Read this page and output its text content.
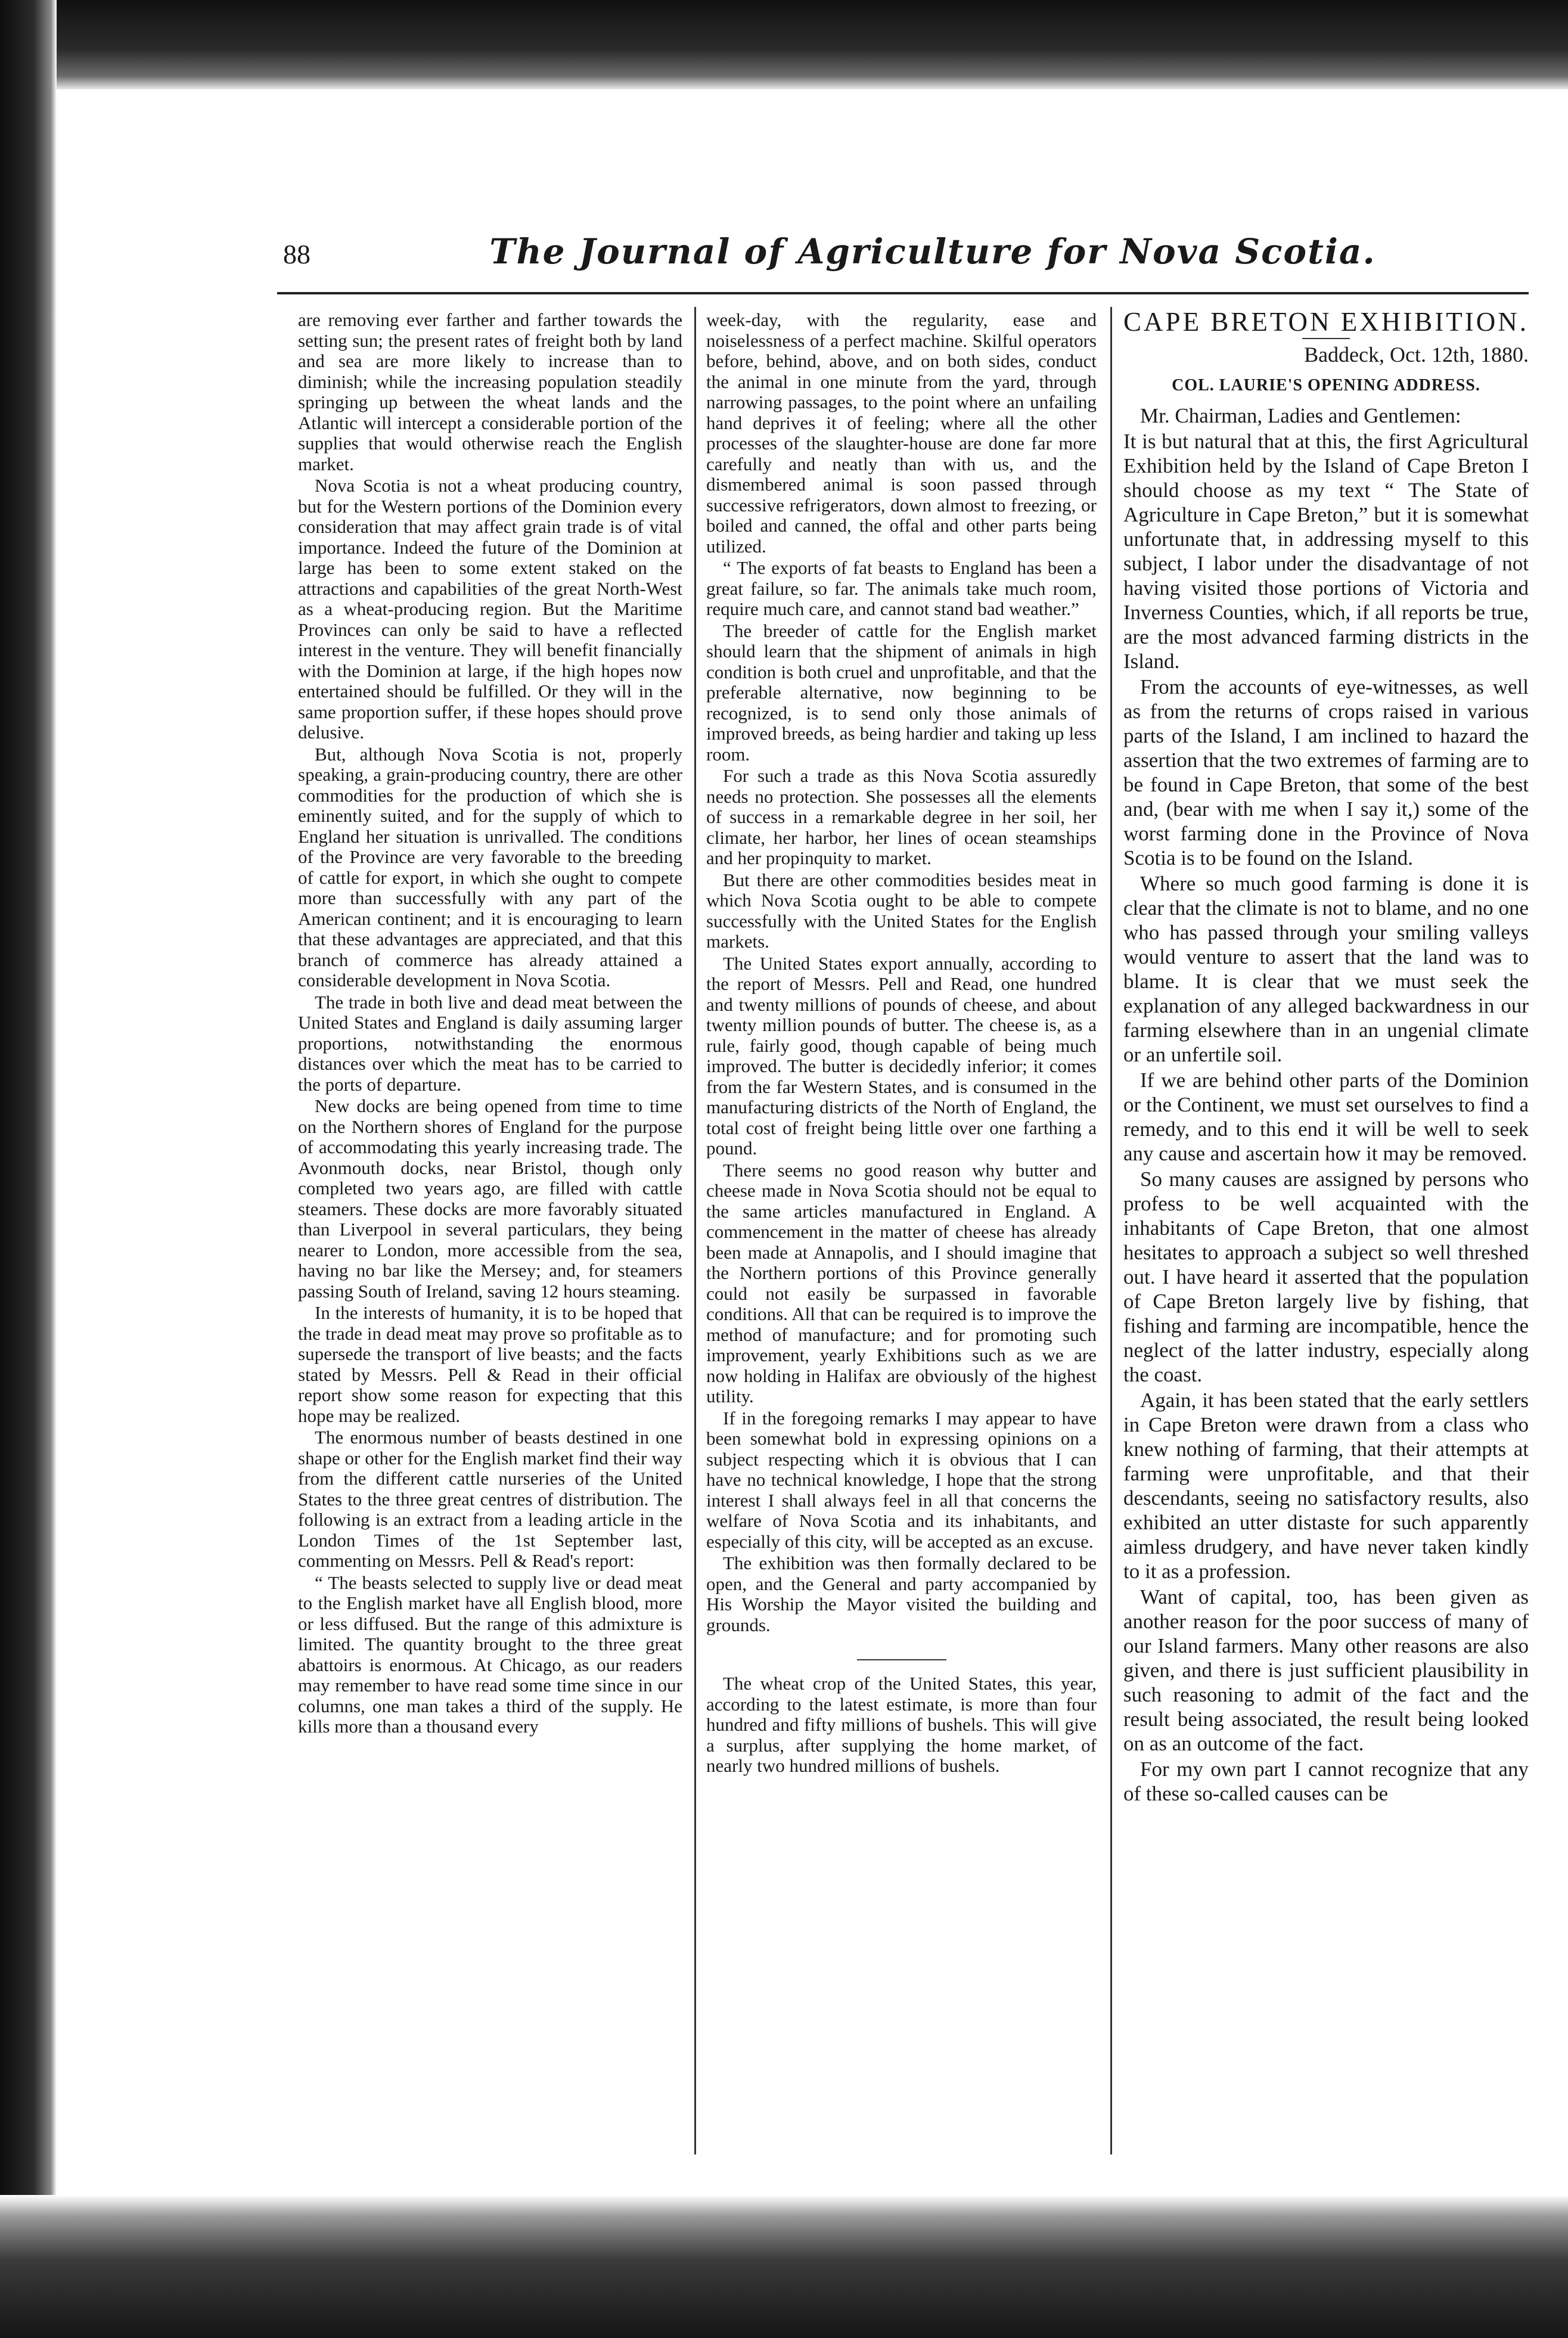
88	The Journal of Agriculture for Nova Scotia.

are removing ever farther and farther towards the setting sun; the present rates of freight both by land and sea are more likely to increase than to diminish; while the increasing population steadily springing up between the wheat lands and the Atlantic will intercept a considerable portion of the supplies that would otherwise reach the English market.

Nova Scotia is not a wheat producing country, but for the Western portions of the Dominion every consideration that may affect grain trade is of vital importance. Indeed the future of the Dominion at large has been to some extent staked on the attractions and capabilities of the great North-West as a wheat-producing region. But the Maritime Provinces can only be said to have a reflected interest in the venture. They will benefit financially with the Dominion at large, if the high hopes now entertained should be fulfilled. Or they will in the same proportion suffer, if these hopes should prove delusive.

But, although Nova Scotia is not, properly speaking, a grain-producing country, there are other commodities for the production of which she is eminently suited, and for the supply of which to England her situation is unrivalled. The conditions of the Province are very favorable to the breeding of cattle for export, in which she ought to compete more than successfully with any part of the American continent; and it is encouraging to learn that these advantages are appreciated, and that this branch of commerce has already attained a considerable development in Nova Scotia.

The trade in both live and dead meat between the United States and England is daily assuming larger proportions, notwithstanding the enormous distances over which the meat has to be carried to the ports of departure.

New docks are being opened from time to time on the Northern shores of England for the purpose of accommodating this yearly increasing trade. The Avonmouth docks, near Bristol, though only completed two years ago, are filled with cattle steamers. These docks are more favorably situated than Liverpool in several particulars, they being nearer to London, more accessible from the sea, having no bar like the Mersey; and, for steamers passing South of Ireland, saving 12 hours steaming.

In the interests of humanity, it is to be hoped that the trade in dead meat may prove so profitable as to supersede the transport of live beasts; and the facts stated by Messrs. Pell & Read in their official report show some reason for expecting that this hope may be realized.

The enormous number of beasts destined in one shape or other for the English market find their way from the different cattle nurseries of the United States to the three great centres of distribution. The following is an extract from a leading article in the London Times of the 1st September last, commenting on Messrs. Pell & Read's report:

“ The beasts selected to supply live or dead meat to the English market have all English blood, more or less diffused. But the range of this admixture is limited. The quantity brought to the three great abattoirs is enormous. At Chicago, as our readers may remember to have read some time since in our columns, one man takes a third of the supply. He kills more than a thousand every

week-day, with the regularity, ease and noiselessness of a perfect machine. Skilful operators before, behind, above, and on both sides, conduct the animal in one minute from the yard, through narrowing passages, to the point where an unfailing hand deprives it of feeling; where all the other processes of the slaughter-house are done far more carefully and neatly than with us, and the dismembered animal is soon passed through successive refrigerators, down almost to freezing, or boiled and canned, the offal and other parts being utilized.

“ The exports of fat beasts to England has been a great failure, so far. The animals take much room, require much care, and cannot stand bad weather.”

The breeder of cattle for the English market should learn that the shipment of animals in high condition is both cruel and unprofitable, and that the preferable alternative, now beginning to be recognized, is to send only those animals of improved breeds, as being hardier and taking up less room.

For such a trade as this Nova Scotia assuredly needs no protection. She possesses all the elements of success in a remarkable degree in her soil, her climate, her harbor, her lines of ocean steamships and her propinquity to market.

But there are other commodities besides meat in which Nova Scotia ought to be able to compete successfully with the United States for the English markets.

The United States export annually, according to the report of Messrs. Pell and Read, one hundred and twenty millions of pounds of cheese, and about twenty million pounds of butter. The cheese is, as a rule, fairly good, though capable of being much improved. The butter is decidedly inferior; it comes from the far Western States, and is consumed in the manufacturing districts of the North of England, the total cost of freight being little over one farthing a pound.

There seems no good reason why butter and cheese made in Nova Scotia should not be equal to the same articles manufactured in England. A commencement in the matter of cheese has already been made at Annapolis, and I should imagine that the Northern portions of this Province generally could not easily be surpassed in favorable conditions. All that can be required is to improve the method of manufacture; and for promoting such improvement, yearly Exhibitions such as we are now holding in Halifax are obviously of the highest utility.

If in the foregoing remarks I may appear to have been somewhat bold in expressing opinions on a subject respecting which it is obvious that I can have no technical knowledge, I hope that the strong interest I shall always feel in all that concerns the welfare of Nova Scotia and its inhabitants, and especially of this city, will be accepted as an excuse.

The exhibition was then formally declared to be open, and the General and party accompanied by His Worship the Mayor visited the building and grounds.

The wheat crop of the United States, this year, according to the latest estimate, is more than four hundred and fifty millions of bushels. This will give a surplus, after supplying the home market, of nearly two hundred millions of bushels.

CAPE BRETON EXHIBITION.
Baddeck, Oct. 12th, 1880.
COL. LAURIE'S OPENING ADDRESS.

Mr. Chairman, Ladies and Gentlemen:

It is but natural that at this, the first Agricultural Exhibition held by the Island of Cape Breton I should choose as my text “ The State of Agriculture in Cape Breton,” but it is somewhat unfortunate that, in addressing myself to this subject, I labor under the disadvantage of not having visited those portions of Victoria and Inverness Counties, which, if all reports be true, are the most advanced farming districts in the Island.

From the accounts of eye-witnesses, as well as from the returns of crops raised in various parts of the Island, I am inclined to hazard the assertion that the two extremes of farming are to be found in Cape Breton, that some of the best and, (bear with me when I say it,) some of the worst farming done in the Province of Nova Scotia is to be found on the Island.

Where so much good farming is done it is clear that the climate is not to blame, and no one who has passed through your smiling valleys would venture to assert that the land was to blame. It is clear that we must seek the explanation of any alleged backwardness in our farming elsewhere than in an ungenial climate or an unfertile soil.

If we are behind other parts of the Dominion or the Continent, we must set ourselves to find a remedy, and to this end it will be well to seek any cause and ascertain how it may be removed.

So many causes are assigned by persons who profess to be well acquainted with the inhabitants of Cape Breton, that one almost hesitates to approach a subject so well threshed out. I have heard it asserted that the population of Cape Breton largely live by fishing, that fishing and farming are incompatible, hence the neglect of the latter industry, especially along the coast.

Again, it has been stated that the early settlers in Cape Breton were drawn from a class who knew nothing of farming, that their attempts at farming were unprofitable, and that their descendants, seeing no satisfactory results, also exhibited an utter distaste for such apparently aimless drudgery, and have never taken kindly to it as a profession.

Want of capital, too, has been given as another reason for the poor success of many of our Island farmers. Many other reasons are also given, and there is just sufficient plausibility in such reasoning to admit of the fact and the result being associated, the result being looked on as an outcome of the fact.

For my own part I cannot recognize that any of these so-called causes can be
